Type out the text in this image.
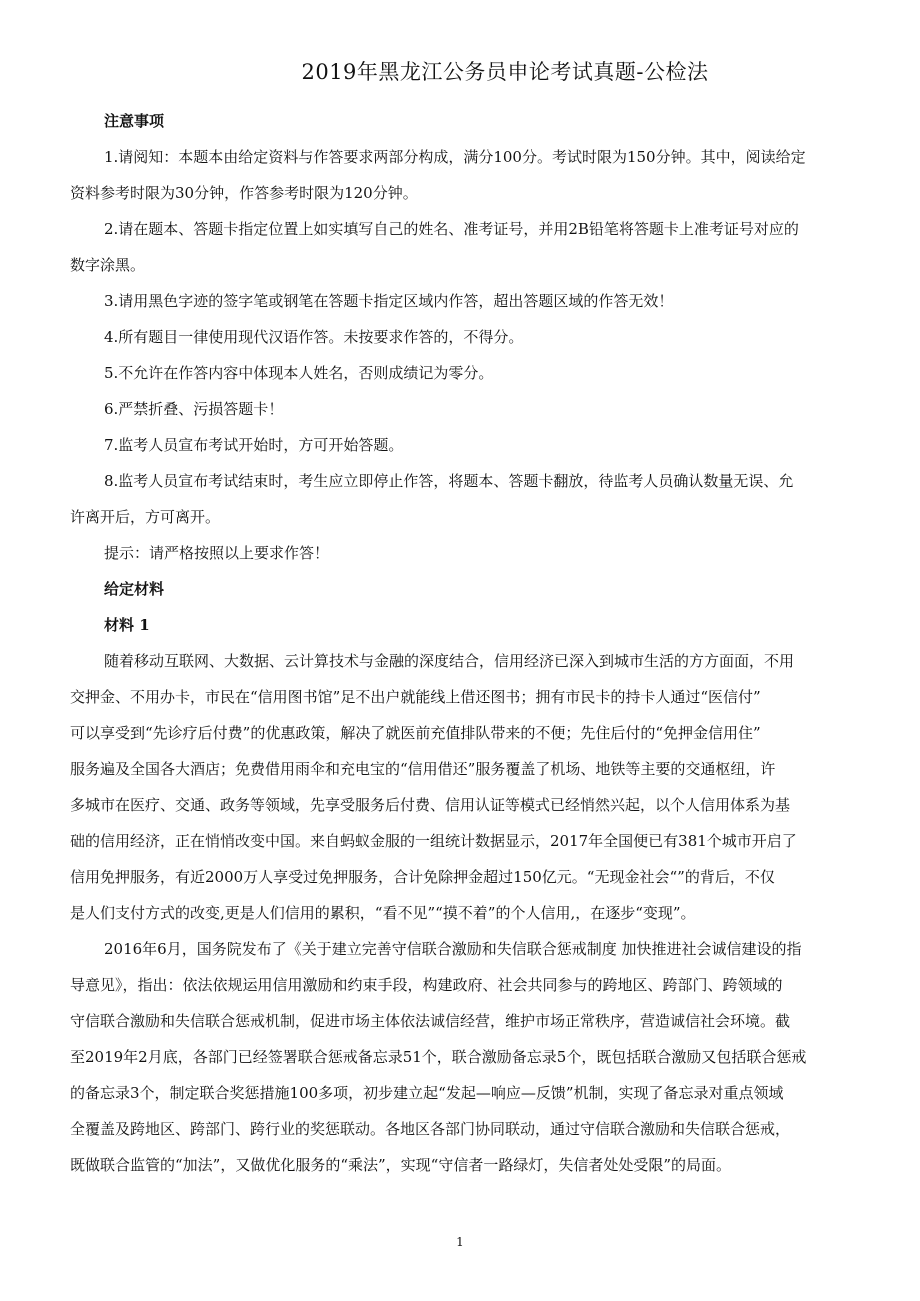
2019年黑龙江公务员申论考试真题-公检法

注意事项

1.请阅知：本题本由给定资料与作答要求两部分构成，满分100分。考试时限为150分钟。其中，阅读给定

资料参考时限为30分钟，作答参考时限为120分钟。

2.请在题本、答题卡指定位置上如实填写自己的姓名、准考证号，并用2B铅笔将答题卡上准考证号对应的

数字涂黑。

3.请用黑色字迹的签字笔或钢笔在答题卡指定区域内作答，超出答题区域的作答无效！

4.所有题目一律使用现代汉语作答。未按要求作答的，不得分。

5.不允许在作答内容中体现本人姓名，否则成绩记为零分。

6.严禁折叠、污损答题卡！

7.监考人员宣布考试开始时，方可开始答题。

8.监考人员宣布考试结束时，考生应立即停止作答，将题本、答题卡翻放，待监考人员确认数量无误、允

许离开后，方可离开。

提示：请严格按照以上要求作答！

给定材料

材料 1

随着移动互联网、大数据、云计算技术与金融的深度结合，信用经济已深入到城市生活的方方面面，不用

交押金、不用办卡，市民在“信用图书馆”足不出户就能线上借还图书；拥有市民卡的持卡人通过“医信付”

可以享受到“先诊疗后付费”的优惠政策，解决了就医前充值排队带来的不便；先住后付的“免押金信用住”

服务遍及全国各大酒店；免费借用雨伞和充电宝的“信用借还”服务覆盖了机场、地铁等主要的交通枢纽，许

多城市在医疗、交通、政务等领域，先享受服务后付费、信用认证等模式已经悄然兴起，以个人信用体系为基

础的信用经济，正在悄悄改变中国。来自蚂蚁金服的一组统计数据显示，2017年全国便已有381个城市开启了

信用免押服务，有近2000万人享受过免押服务，合计免除押金超过150亿元。“无现金社会“”的背后，不仅

是人们支付方式的改变,更是人们信用的累积，“看不见”“摸不着”的个人信用,，在逐步“变现”。

2016年6月，国务院发布了《关于建立完善守信联合激励和失信联合惩戒制度 加快推进社会诚信建设的指

导意见》，指出：依法依规运用信用激励和约束手段，构建政府、社会共同参与的跨地区、跨部门、跨领域的

守信联合激励和失信联合惩戒机制，促进市场主体依法诚信经营，维护市场正常秩序，营造诚信社会环境。截

至2019年2月底，各部门已经签署联合惩戒备忘录51个，联合激励备忘录5个，既包括联合激励又包括联合惩戒

的备忘录3个，制定联合奖惩措施100多项，初步建立起“发起—响应—反馈”机制，实现了备忘录对重点领域

全覆盖及跨地区、跨部门、跨行业的奖惩联动。各地区各部门协同联动，通过守信联合激励和失信联合惩戒，

既做联合监管的“加法”，又做优化服务的“乘法”，实现“守信者一路绿灯，失信者处处受限”的局面。

1
